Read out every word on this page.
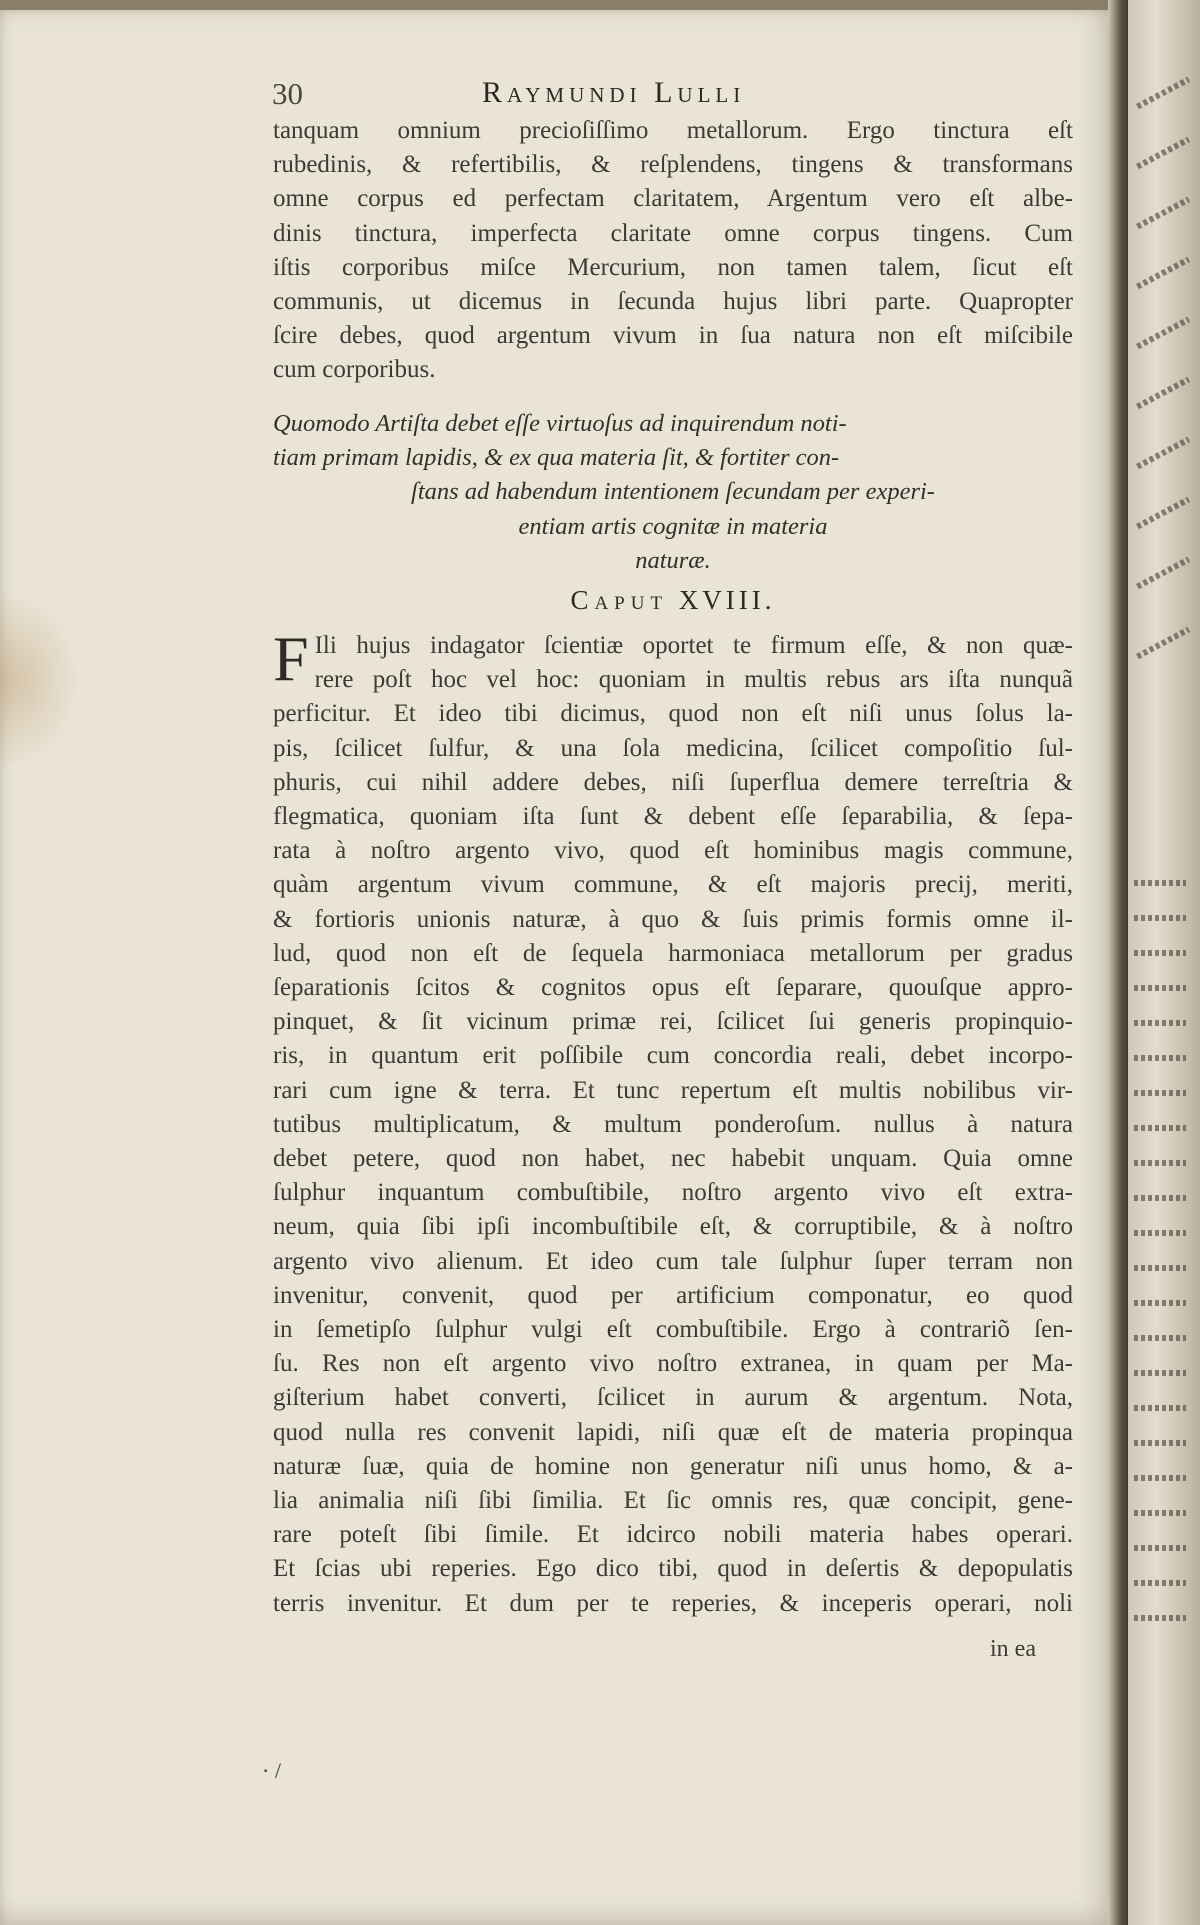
30	Raymundi Lulli

tanquam omnium precioſiſſimo metallorum. Ergo tinctura eſt
rubedinis, & refertibilis, & reſplendens, tingens & transformans
omne corpus ed perfectam claritatem, Argentum vero eſt albe-
dinis tinctura, imperfecta claritate omne corpus tingens. Cum
iſtis corporibus miſce Mercurium, non tamen talem, ſicut eſt
communis, ut dicemus in ſecunda hujus libri parte. Quapropter
ſcire debes, quod argentum vivum in ſua natura non eſt miſcibile
cum corporibus.

Quomodo Artiſta debet eſſe virtuoſus ad inquirendum noti-
tiam primam lapidis, & ex qua materia ſit, & fortiter con-
ſtans ad habendum intentionem ſecundam per experi-
entiam artis cognitæ in materia
naturæ.

Caput XVIII.

F Ili hujus indagator ſcientiæ oportet te firmum eſſe, & non quæ-
rere poſt hoc vel hoc: quoniam in multis rebus ars iſta nunquã
perficitur. Et ideo tibi dicimus, quod non eſt niſi unus ſolus la-
pis, ſcilicet ſulfur, & una ſola medicina, ſcilicet compoſitio ſul-
phuris, cui nihil addere debes, niſi ſuperflua demere terreſtria &
flegmatica, quoniam iſta ſunt & debent eſſe ſeparabilia, & ſepa-
rata à noſtro argento vivo, quod eſt hominibus magis commune,
quàm argentum vivum commune, & eſt majoris precij, meriti,
& fortioris unionis naturæ, à quo & ſuis primis formis omne il-
lud, quod non eſt de ſequela harmoniaca metallorum per gradus
ſeparationis ſcitos & cognitos opus eſt ſeparare, quouſque appro-
pinquet, & ſit vicinum primæ rei, ſcilicet ſui generis propinquio-
ris, in quantum erit poſſibile cum concordia reali, debet incorpo-
rari cum igne & terra. Et tunc repertum eſt multis nobilibus vir-
tutibus multiplicatum, & multum ponderoſum. nullus à natura
debet petere, quod non habet, nec habebit unquam. Quia omne
ſulphur inquantum combuſtibile, noſtro argento vivo eſt extra-
neum, quia ſibi ipſi incombuſtibile eſt, & corruptibile, & à noſtro
argento vivo alienum. Et ideo cum tale ſulphur ſuper terram non
invenitur, convenit, quod per artificium componatur, eo quod
in ſemetipſo ſulphur vulgi eſt combuſtibile. Ergo à contrariõ ſen-
ſu. Res non eſt argento vivo noſtro extranea, in quam per Ma-
giſterium habet converti, ſcilicet in aurum & argentum. Nota,
quod nulla res convenit lapidi, niſi quæ eſt de materia propinqua
naturæ ſuæ, quia de homine non generatur niſi unus homo, & a-
lia animalia niſi ſibi ſimilia. Et ſic omnis res, quæ concipit, gene-
rare poteſt ſibi ſimile. Et idcirco nobili materia habes operari.
Et ſcias ubi reperies. Ego dico tibi, quod in deſertis & depopulatis
terris invenitur. Et dum per te reperies, & inceperis operari, noli

in ea
· /
